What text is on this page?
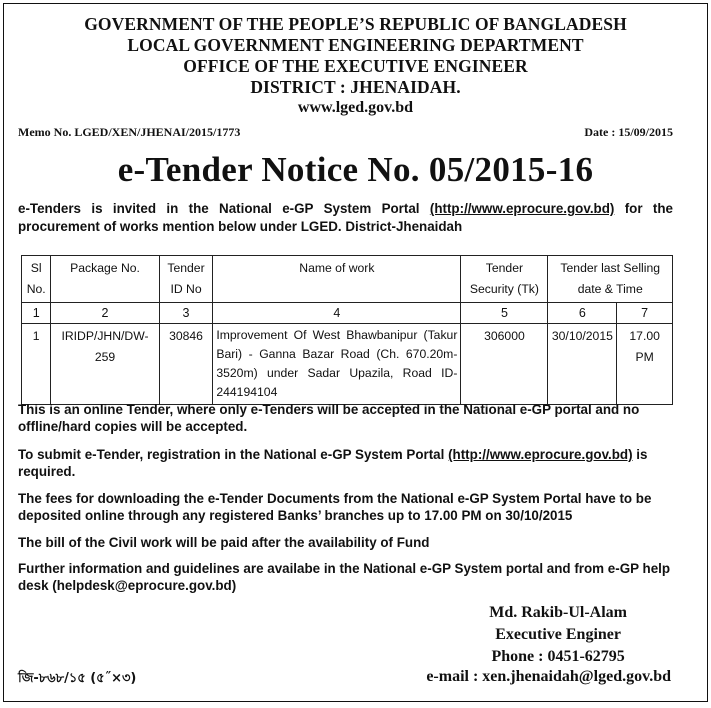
GOVERNMENT OF THE PEOPLE’S REPUBLIC OF BANGLADESH
LOCAL GOVERNMENT ENGINEERING DEPARTMENT
OFFICE OF THE EXECUTIVE ENGINEER
DISTRICT : JHENAIDAH.
www.lged.gov.bd
Memo No. LGED/XEN/JHENAI/2015/1773	Date : 15/09/2015
e-Tender Notice No. 05/2015-16
e-Tenders is invited in the National e-GP System Portal (http://www.eprocure.gov.bd) for the procurement of works mention below under LGED. District-Jhenaidah
Sl No.	Package No.	Tender ID No	Name of work	Tender Security (Tk)	Tender last Selling date & Time	
1	2	3	4	5	6	7
1	IRIDP/JHN/DW-259	30846	Improvement Of West Bhawbanipur (Takur Bari) - Ganna Bazar Road (Ch. 670.20m-3520m) under Sadar Upazila, Road ID-244194104	306000	30/10/2015	17.00 PM
This is an online Tender, where only e-Tenders will be accepted in the National e-GP portal and no offline/hard copies will be accepted.
To submit e-Tender, registration in the National e-GP System Portal (http://www.eprocure.gov.bd) is required.
The fees for downloading the e-Tender Documents from the National e-GP System Portal have to be deposited online through any registered Banks’ branches up to 17.00 PM on 30/10/2015
The bill of the Civil work will be paid after the availability of Fund
Further information and guidelines are availabe in the National e-GP System portal and from e-GP help desk (helpdesk@eprocure.gov.bd)
Md. Rakib-Ul-Alam
Executive Enginer
Phone : 0451-62795
জি-৮৬৮/১৫ (৫˝×৩)	e-mail : xen.jhenaidah@lged.gov.bd
